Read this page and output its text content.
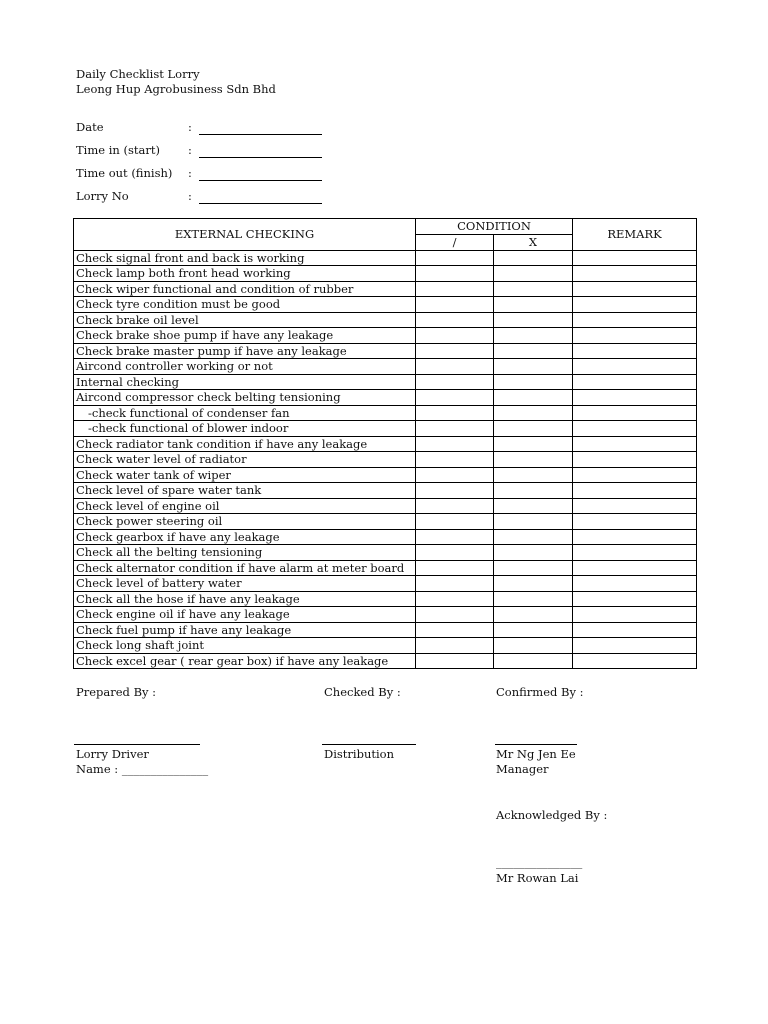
Daily Checklist Lorry
Leong Hup Agrobusiness Sdn Bhd
Date	:
Time in (start) :
Time out (finish) :
Lorry No	:
EXTERNAL CHECKING	CONDITION		REMARK
	/	X	
Check signal front and back is working			
Check lamp both front head working			
Check wiper functional and condition of rubber			
Check tyre condition must be good			
Check brake oil level			
Check brake shoe pump if have any leakage			
Check brake master pump if have any leakage			
Aircond controller working or not			
Internal checking			
Aircond compressor check belting tensioning			
-check functional of condenser fan			
-check functional of blower indoor			
Check radiator tank condition if have any leakage			
Check water level of radiator			
Check water tank of wiper			
Check level of spare water tank			
Check level of engine oil			
Check power steering oil			
Check gearbox if have any leakage			
Check all the belting tensioning			
Check alternator condition if have alarm at meter board			
Check level of battery water			
Check all the hose if have any leakage			
Check engine oil if have any leakage			
Check fuel pump if have any leakage			
Check long shaft joint			
Check excel gear ( rear gear box) if have any leakage			
Prepared By :	Checked By :	Confirmed By :
Lorry Driver
Name : _______________
Distribution	Mr Ng Jen Ee
Manager
Acknowledged By :
_______________
Mr Rowan Lai
